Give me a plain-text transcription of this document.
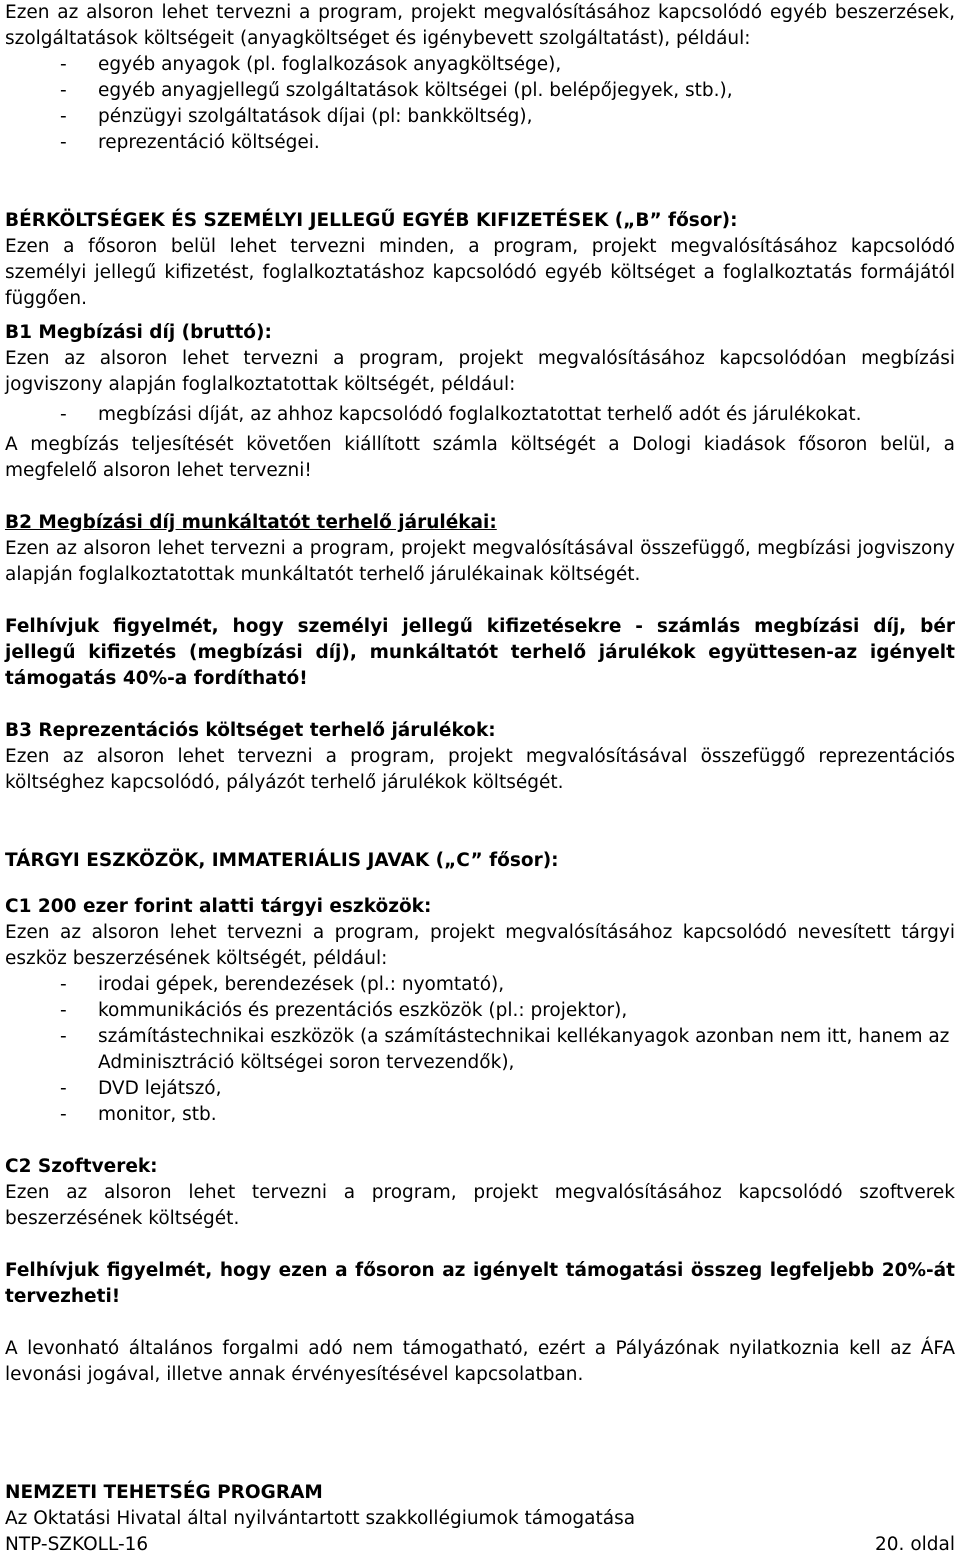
Ezen az alsoron lehet tervezni a program, projekt megvalósításához kapcsolódó egyéb beszerzések, szolgáltatások költségeit (anyagköltséget és igénybevett szolgáltatást), például:

- egyéb anyagok (pl. foglalkozások anyagköltsége),
- egyéb anyagjellegű szolgáltatások költségei (pl. belépőjegyek, stb.),
- pénzügyi szolgáltatások díjai (pl: bankköltség),
- reprezentáció költségei.

BÉRKÖLTSÉGEK ÉS SZEMÉLYI JELLEGŰ EGYÉB KIFIZETÉSEK („B” fősor):

Ezen a fősoron belül lehet tervezni minden, a program, projekt megvalósításához kapcsolódó személyi jellegű kifizetést, foglalkoztatáshoz kapcsolódó egyéb költséget a foglalkoztatás formájától függően.

B1 Megbízási díj (bruttó):

Ezen az alsoron lehet tervezni a program, projekt megvalósításához kapcsolódóan megbízási jogviszony alapján foglalkoztatottak költségét, például:

- megbízási díját, az ahhoz kapcsolódó foglalkoztatottat terhelő adót és járulékokat.

A megbízás teljesítését követően kiállított számla költségét a Dologi kiadások fősoron belül, a megfelelő alsoron lehet tervezni!

B2 Megbízási díj munkáltatót terhelő járulékai:

Ezen az alsoron lehet tervezni a program, projekt megvalósításával összefüggő, megbízási jogviszony alapján foglalkoztatottak munkáltatót terhelő járulékainak költségét.

Felhívjuk figyelmét, hogy személyi jellegű kifizetésekre - számlás megbízási díj, bér jellegű kifizetés (megbízási díj), munkáltatót terhelő járulékok együttesen-az igényelt támogatás 40%-a fordítható!

B3 Reprezentációs költséget terhelő járulékok:

Ezen az alsoron lehet tervezni a program, projekt megvalósításával összefüggő reprezentációs költséghez kapcsolódó, pályázót terhelő járulékok költségét.

TÁRGYI ESZKÖZÖK, IMMATERIÁLIS JAVAK („C” fősor):

C1 200 ezer forint alatti tárgyi eszközök:

Ezen az alsoron lehet tervezni a program, projekt megvalósításához kapcsolódó nevesített tárgyi eszköz beszerzésének költségét, például:

- irodai gépek, berendezések (pl.: nyomtató),
- kommunikációs és prezentációs eszközök (pl.: projektor),
- számítástechnikai eszközök (a számítástechnikai kellékanyagok azonban nem itt, hanem az Adminisztráció költségei soron tervezendők),
- DVD lejátszó,
- monitor, stb.

C2 Szoftverek:

Ezen az alsoron lehet tervezni a program, projekt megvalósításához kapcsolódó szoftverek beszerzésének költségét.

Felhívjuk figyelmét, hogy ezen a fősoron az igényelt támogatási összeg legfeljebb 20%-át tervezheti!

A levonható általános forgalmi adó nem támogatható, ezért a Pályázónak nyilatkoznia kell az ÁFA levonási jogával, illetve annak érvényesítésével kapcsolatban.

NEMZETI TEHETSÉG PROGRAM
Az Oktatási Hivatal által nyilvántartott szakkollégiumok támogatása
NTP-SZKOLL-16	20. oldal
